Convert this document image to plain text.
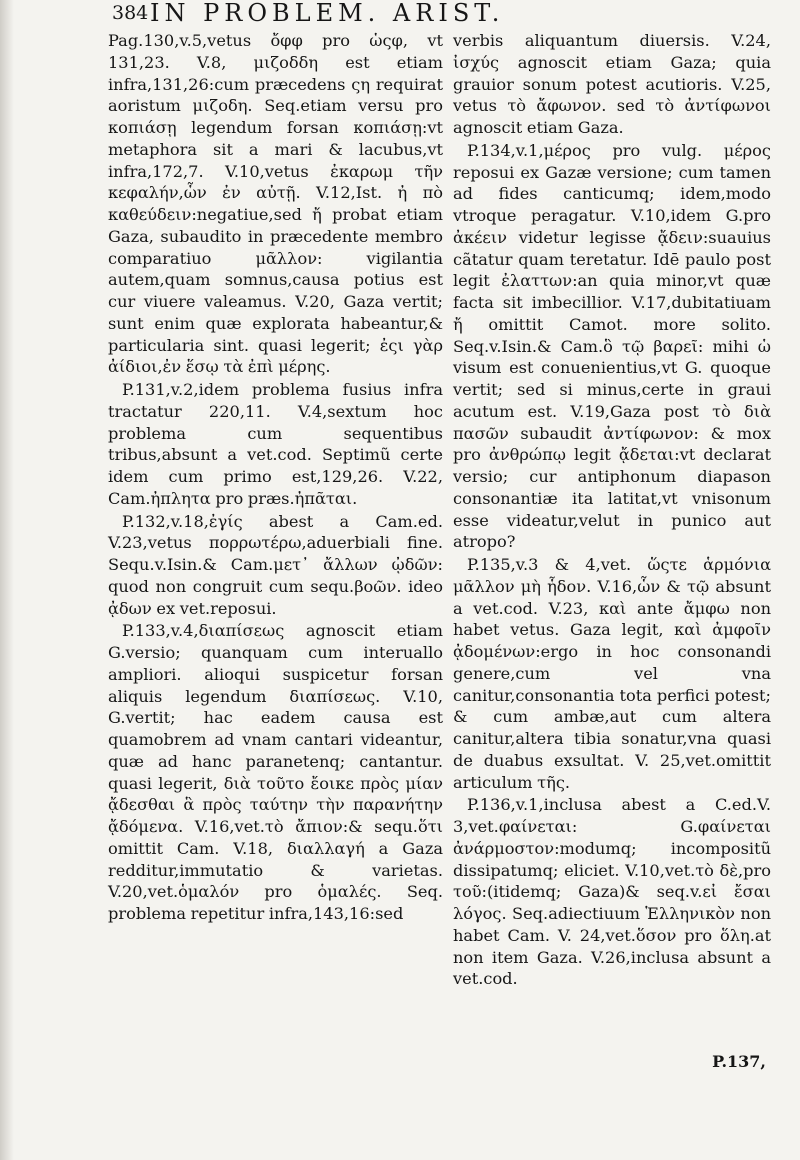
384 IN PROBLEM. ARIST.

Pag.130,v.5,vetus ὄφφ pro ὡςφ, vt 131,23. V.8, μιζοδδη est etiam infra,131,26:cum præcedens ςη requirat aoristum μιζοδη. Seq.etiam versu pro κοπιάσῃ legendum forsan κοπιάσῃ:vt metaphora sit a mari & lacubus,vt infra,172,7. V.10,vetus ἐκαρωμ τῆν κεφαλήν,ὧν ἐν αὐτῇ. V.12,Ist. ἠ πὸ καθεύδειν:negatiue,sed ἤ probat etiam Gaza, subaudito in præcedente membro comparatiuo μᾶλλον: vigilantia autem,quam somnus,causa potius est cur viuere valeamus. V.20, Gaza vertit; sunt enim quæ explorata habeantur,& particularia sint. quasi legerit; ἐςι γὰρ ἀίδιοι,ἐν ἕσῳ τὰ ἐπὶ μέρης.

P.131,v.2,idem problema fusius infra tractatur 220,11. V.4,sextum hoc problema cum sequentibus tribus,absunt a vet.cod. Septimũ certe idem cum primo est,129,26. V.22, Cam.ἠπλητα pro præs.ἠπᾶται.

P.132,v.18,ἐγίς abest a Cam.ed. V.23,vetus πορρωτέρω,aduerbiali fine. Sequ.v.Isin.& Cam.μετ᾽ ἄλλων ᾠδῶν: quod non congruit cum sequ.βοῶν. ideo ᾀδων ex vet.reposui.

P.133,v.4,διαπίσεως agnoscit etiam G.versio; quanquam cum interuallo ampliori. alioqui suspicetur forsan aliquis legendum διαπίσεως. V.10, G.vertit; hac eadem causa est quamobrem ad vnam cantari videantur, quæ ad hanc paranetenq; cantantur. quasi legerit, διὰ τοῦτο ἔοικε πρὸς μίαν ᾄδεσθαι ἃ πρὸς ταύτην τὴν παρανήτην ᾄδόμενα. V.16,vet.τὸ ἄπιον:& sequ.ὅτι omittit Cam. V.18, διαλλαγή a Gaza redditur,immutatio & varietas. V.20,vet.ὁμαλόν pro ὁμαλές. Seq. problema repetitur infra,143,16:sed

verbis aliquantum diuersis. V.24, ἰσχύς agnoscit etiam Gaza; quia grauior sonum potest acutioris. V.25, vetus τὸ ἄφωνον. sed τὸ ἀντίφωνοι agnoscit etiam Gaza.

P.134,v.1,μέρος pro vulg. μέρος reposui ex Gazæ versione; cum tamen ad fides canticumq; idem,modo vtroque peragatur. V.10,idem G.pro ἀκέειν videtur legisse ᾄδειν:suauius cãtatur quam teretatur. Idē paulo post legit ἐλαττων:an quia minor,vt quæ facta sit imbecillior. V.17,dubitatiuam ἤ omittit Camot. more solito. Seq.v.Isin.& Cam.ὃ τῷ βαρεῖ: mihi ὡ visum est conuenientius,vt G. quoque vertit; sed si minus,certe in graui acutum est. V.19,Gaza post τὸ διὰ πασῶν subaudit ἀντίφωνον: & mox pro ἀνθρώπῳ legit ᾄδεται:vt declarat versio; cur antiphonum diapason consonantiæ ita latitat,vt vnisonum esse videatur,velut in punico aut atropo?

P.135,v.3 & 4,vet. ὥςτε ἁρμόνια μᾶλλον μὴ ἧδον. V.16,ὧν & τῷ absunt a vet.cod. V.23, καὶ ante ἄμφω non habet vetus. Gaza legit, καὶ ἀμφοῖν ᾀδομένων:ergo in hoc consonandi genere,cum vel vna canitur,consonantia tota perfici potest; & cum ambæ,aut cum altera canitur,altera tibia sonatur,vna quasi de duabus exsultat. V. 25,vet.omittit articulum τῆς.

P.136,v.1,inclusa abest a C.ed.V. 3,vet.φαίνεται: G.φαίνεται ἀνάρμοστον:modumq; incompositũ dissipatumq; eliciet. V.10,vet.τὸ δὲ,pro τοῦ:(itidemq; Gaza)& seq.v.εἰ ἔσαι λόγος. Seq.adiectiuum Ἑλληνικὸν non habet Cam. V. 24,vet.ὅσον pro ὅλη.at non item Gaza. V.26,inclusa absunt a vet.cod.

P.137,
